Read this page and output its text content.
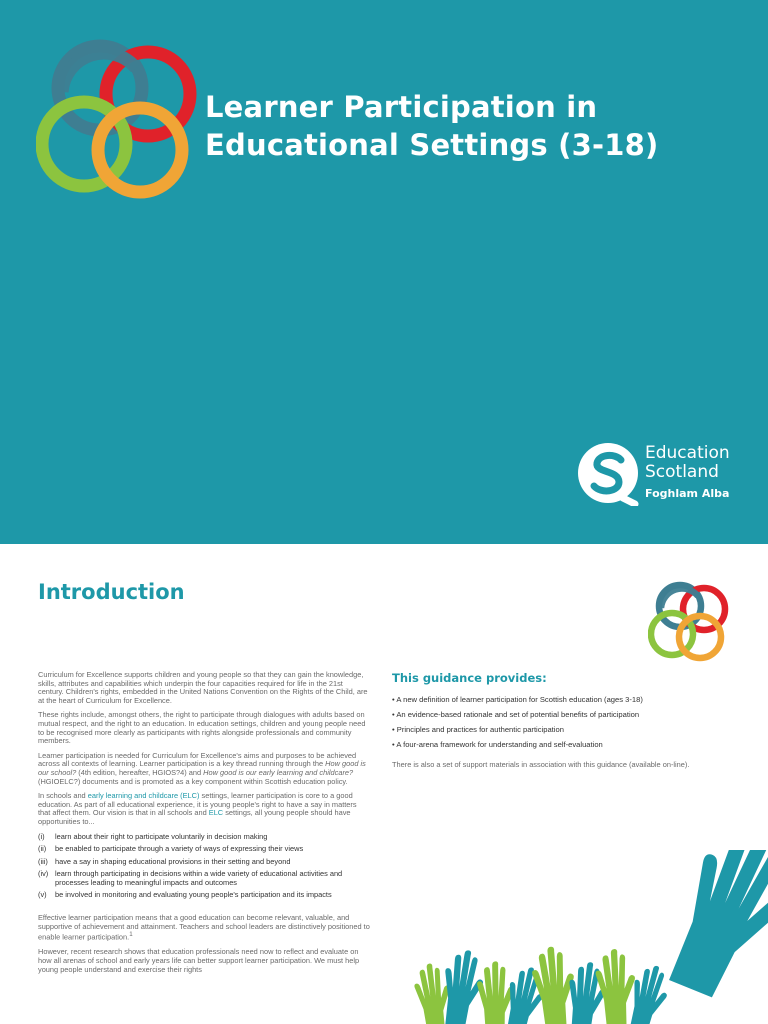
Learner Participation in
Educational Settings (3-18)
Education
Scotland
Foghlam Alba
Introduction

Curriculum for Excellence supports children and young people so that they can gain the knowledge, skills, attributes and capabilities which underpin the four capacities required for life in the 21st century. Children's rights, embedded in the United Nations Convention on the Rights of the Child, are at the heart of Curriculum for Excellence.

These rights include, amongst others, the right to participate through dialogues with adults based on mutual respect, and the right to an education. In education settings, children and young people need to be recognised more clearly as participants with rights alongside professionals and community members.

Learner participation is needed for Curriculum for Excellence's aims and purposes to be achieved across all contexts of learning. Learner participation is a key thread running through the How good is our school? (4th edition, hereafter, HGIOS?4) and How good is our early learning and childcare? (HGIOELC?) documents and is promoted as a key component within Scottish education policy.

In schools and early learning and childcare (ELC) settings, learner participation is core to a good education. As part of all educational experience, it is young people's right to have a say in matters that affect them. Our vision is that in all schools and ELC settings, all young people should have opportunities to...

(i)	learn about their right to participate voluntarily in decision making
(ii)	be enabled to participate through a variety of ways of expressing their views
(iii) have a say in shaping educational provisions in their setting and beyond
(iv) learn through participating in decisions within a wide variety of educational activities and processes leading to meaningful impacts and outcomes
(v)	be involved in monitoring and evaluating young people's participation and its impacts

Effective learner participation means that a good education can become relevant, valuable, and supportive of achievement and attainment. Teachers and school leaders are distinctively positioned to enable learner participation.$^1$

However, recent research shows that education professionals need now to reflect and evaluate on how all arenas of school and early years life can better support learner participation. We must help young people understand and exercise their rights

This guidance provides:
• A new definition of learner participation for Scottish education (ages 3-18)
• An evidence-based rationale and set of potential benefits of participation
• Principles and practices for authentic participation
• A four-arena framework for understanding and self-evaluation

There is also a set of support materials in association with this guidance (available on-line).
